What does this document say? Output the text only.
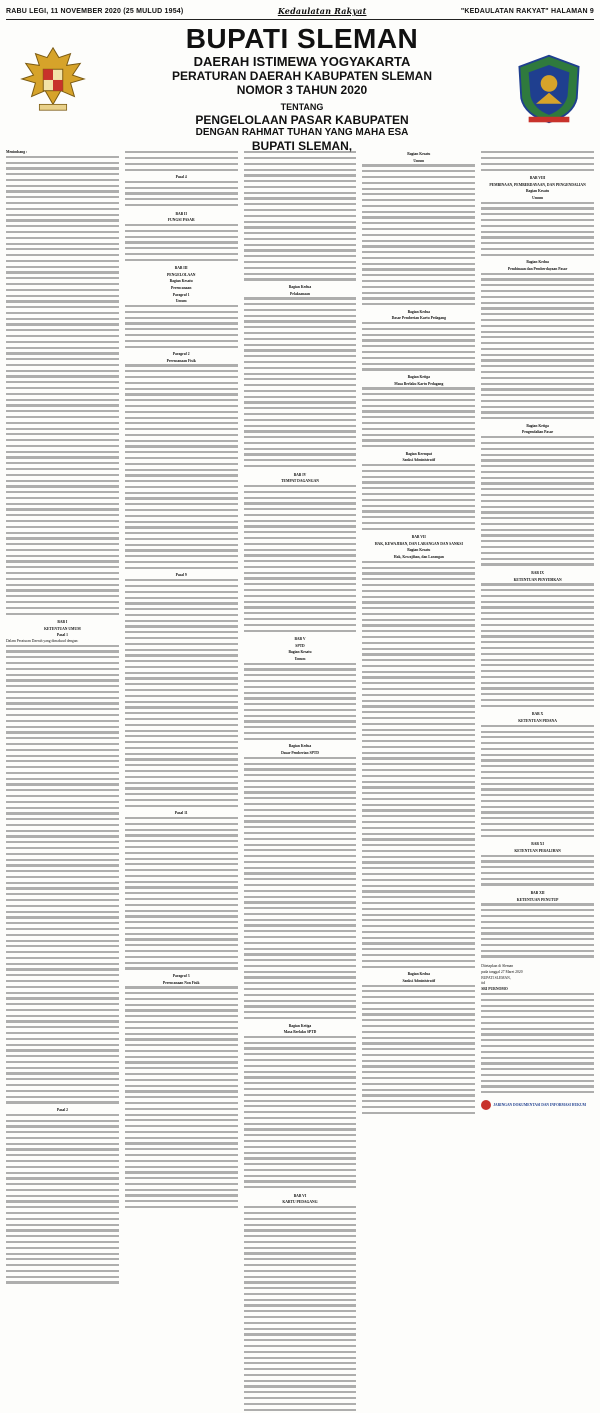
RABU LEGI, 11 NOVEMBER 2020 (25 MULUD 1954)	Kedaulatan Rakyat	"KEDAULATAN RAKYAT" HALAMAN 9
BUPATI SLEMAN
DAERAH ISTIMEWA YOGYAKARTA
PERATURAN DAERAH KABUPATEN SLEMAN
NOMOR 3 TAHUN 2020
TENTANG
PENGELOLAAN PASAR KABUPATEN
DENGAN RAHMAT TUHAN YANG MAHA ESA
BUPATI SLEMAN,

Menimbang :

BAB I

KETENTUAN UMUM

Pasal 1

Dalam Peraturan Daerah yang dimaksud dengan:

Pasal 2

Pasal 4

BAB II

FUNGSI PASAR

BAB III

PENGELOLAAN

Bagian Kesatu

Perencanaan

Paragraf 1

Umum

Paragraf 2

Perencanaan Fisik

Pasal 9

Pasal 11

Paragraf 3

Perencanaan Non Fisik

Bagian Kedua

Pelaksanaan

BAB IV

TEMPAT DAGANGAN

BAB V

SPTD

Bagian Kesatu

Umum

Bagian Kedua

Dasar Pemberian SPTD

Bagian Ketiga

Masa Berlaku SPTD

BAB VI

KARTU PEDAGANG

Bagian Kesatu

Umum

Bagian Kedua

Dasar Pemberian Kartu Pedagang

Bagian Ketiga

Masa Berlaku Kartu Pedagang

Bagian Keempat

Sanksi Administratif

BAB VII

HAK, KEWAJIBAN, DAN LARANGAN DAN SANKSI

Bagian Kesatu

Hak, Kewajiban, dan Larangan

Bagian Kedua

Sanksi Administratif

BAB VIII

PEMBINAAN, PEMBERDAYAAN, DAN PENGENDALIAN

Bagian Kesatu

Umum

Bagian Kedua

Pembinaan dan Pemberdayaan Pasar

Bagian Ketiga

Pengendalian Pasar

BAB IX

KETENTUAN PENYIDIKAN

BAB X

KETENTUAN PIDANA

BAB XI

KETENTUAN PERALIHAN

BAB XII

KETENTUAN PENUTUP

Ditetapkan di Sleman

pada tanggal 27 Maret 2020

BUPATI SLEMAN,

ttd

SRI PURNOMO

JARINGAN DOKUMENTASI DAN INFORMASI HUKUM
